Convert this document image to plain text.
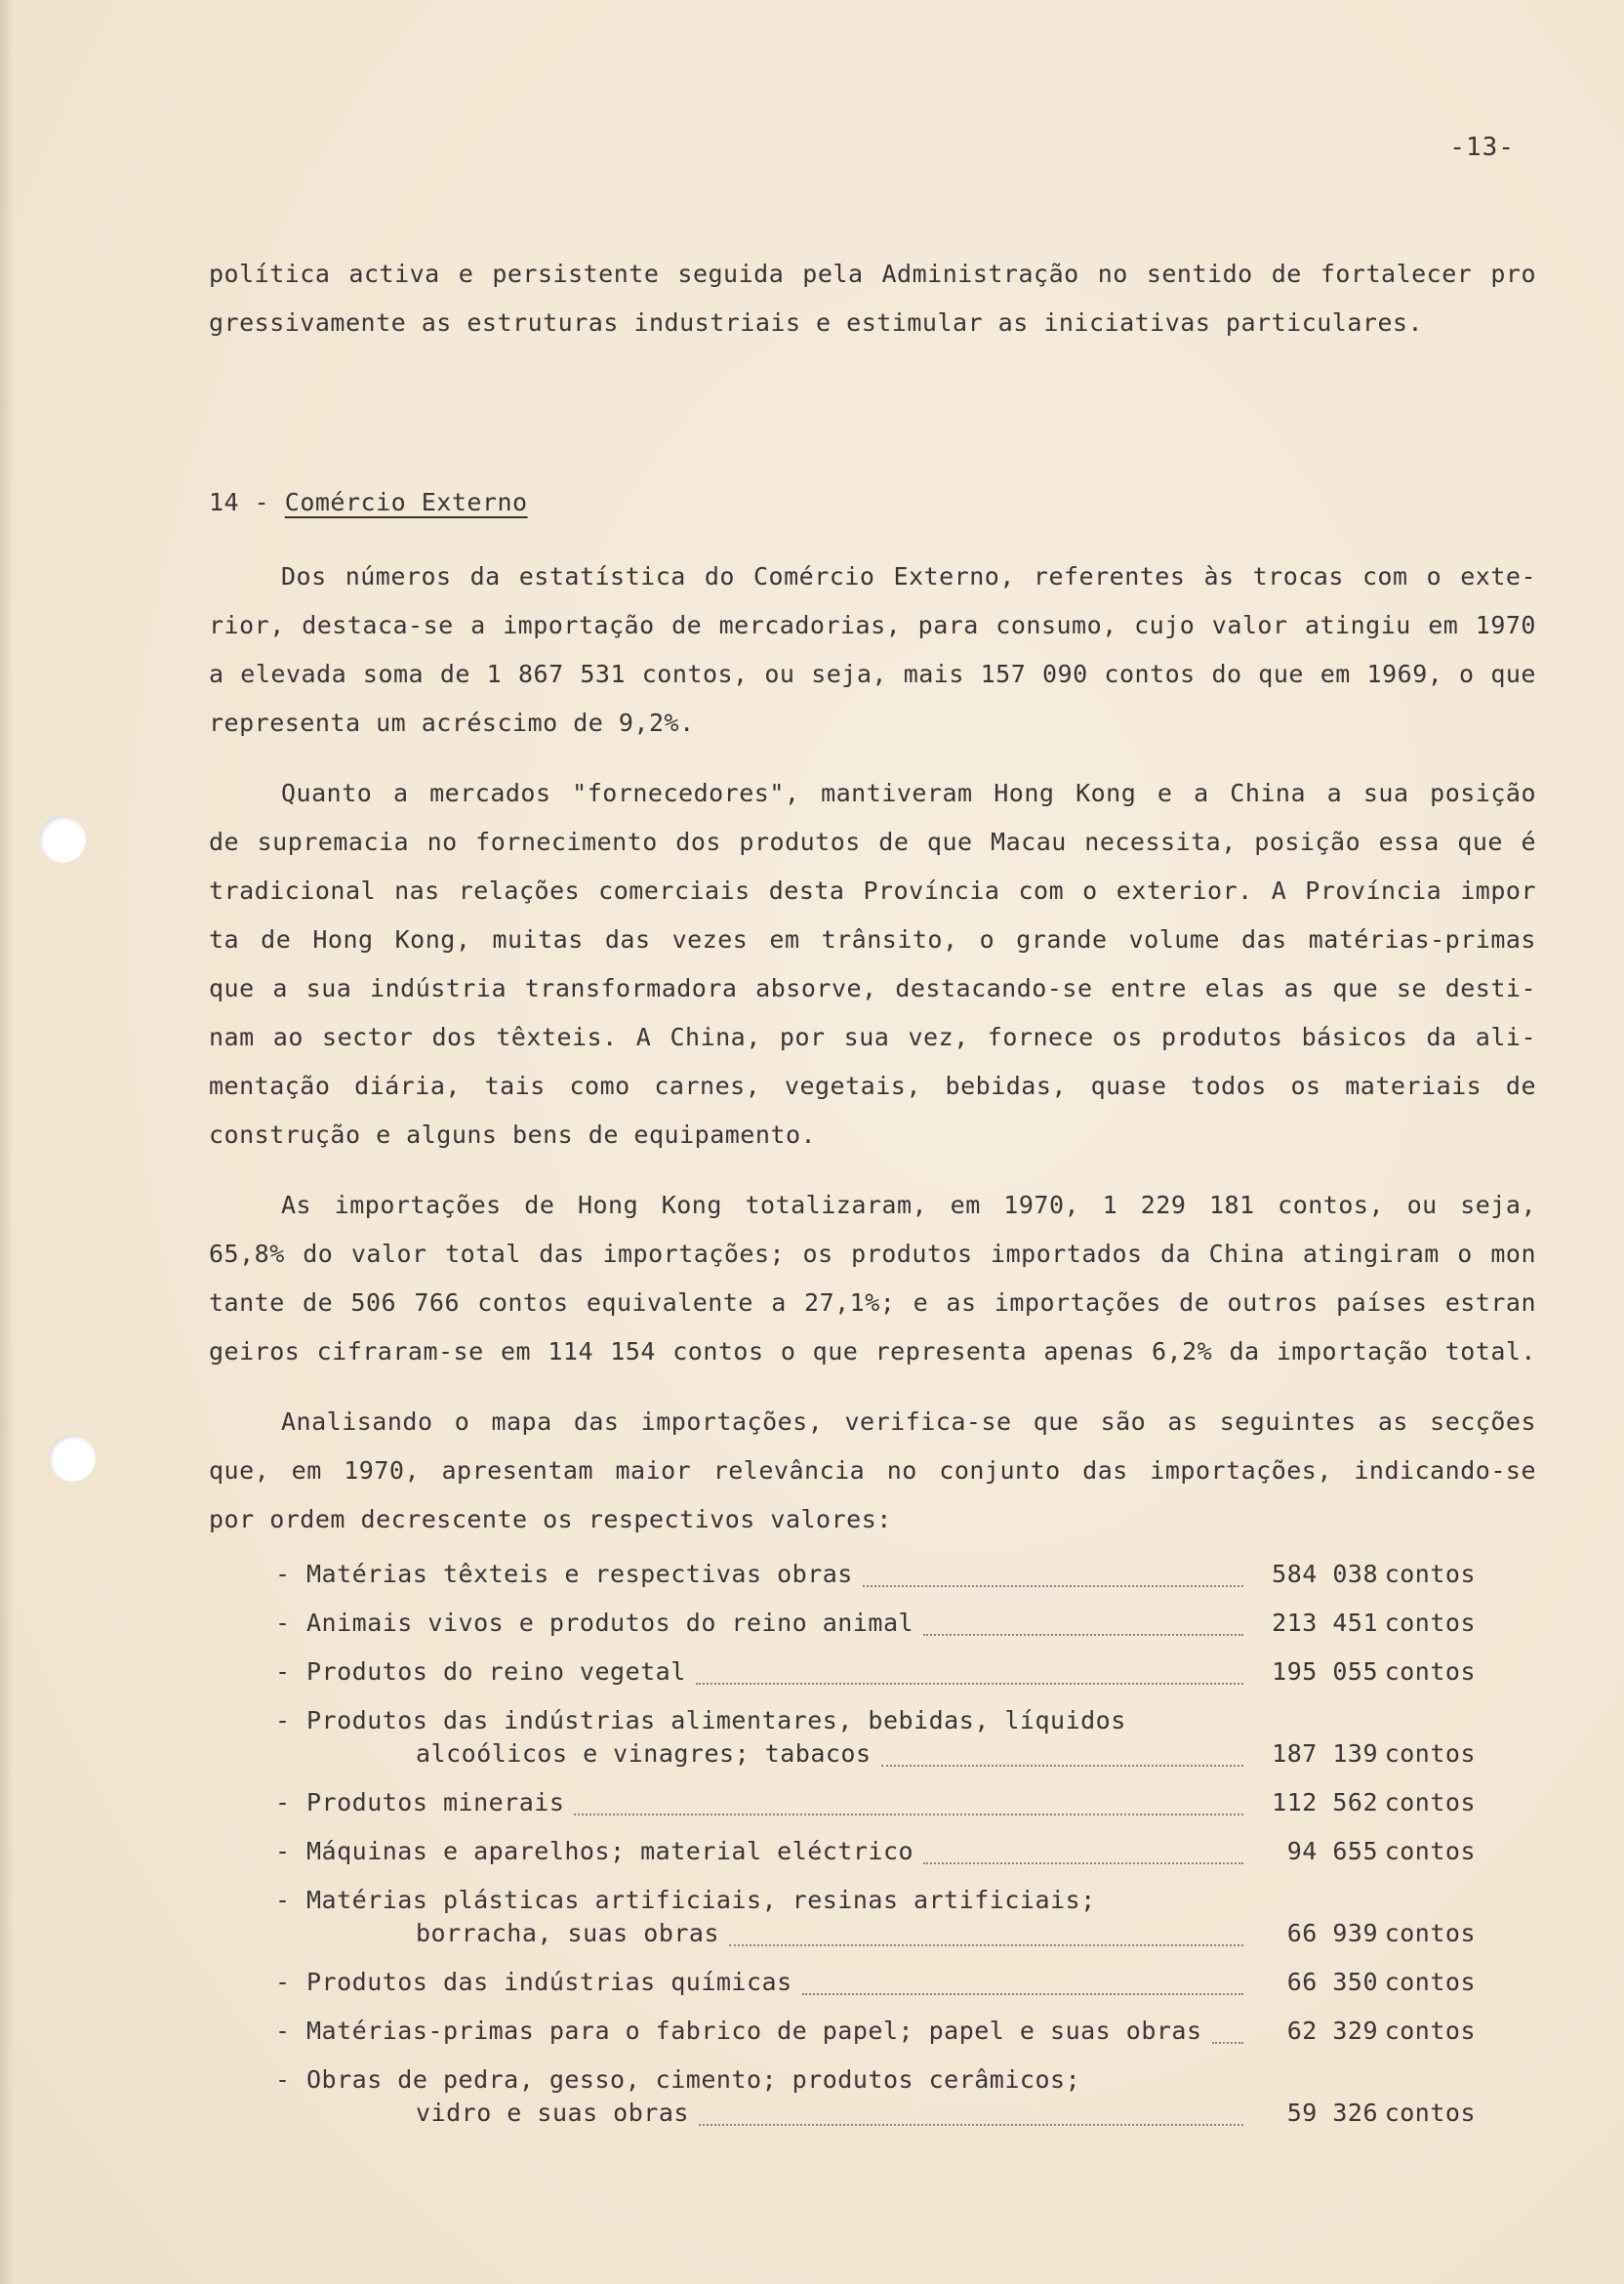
-13-
política activa e persistente seguida pela Administração no sentido de fortalecer pro
gressivamente as estruturas industriais e estimular as iniciativas particulares.
14 - Comércio Externo
Dos números da estatística do Comércio Externo, referentes às trocas com o exte-
rior, destaca-se a importação de mercadorias, para consumo, cujo valor atingiu em 1970
a elevada soma de 1 867 531 contos, ou seja, mais 157 090 contos do que em 1969, o que
representa um acréscimo de 9,2%.
Quanto a mercados "fornecedores", mantiveram Hong Kong e a China a sua posição
de supremacia no fornecimento dos produtos de que Macau necessita, posição essa que é
tradicional nas relações comerciais desta Província com o exterior. A Província impor
ta de Hong Kong, muitas das vezes em trânsito, o grande volume das matérias-primas
que a sua indústria transformadora absorve, destacando-se entre elas as que se desti-
nam ao sector dos têxteis. A China, por sua vez, fornece os produtos básicos da ali-
mentação diária, tais como carnes, vegetais, bebidas, quase todos os materiais de
construção e alguns bens de equipamento.
As importações de Hong Kong totalizaram, em 1970, 1 229 181 contos, ou seja,
65,8% do valor total das importações; os produtos importados da China atingiram o mon
tante de 506 766 contos equivalente a 27,1%; e as importações de outros países estran
geiros cifraram-se em 114 154 contos o que representa apenas 6,2% da importação total.
Analisando o mapa das importações, verifica-se que são as seguintes as secções
que, em 1970, apresentam maior relevância no conjunto das importações, indicando-se
por ordem decrescente os respectivos valores:
- Matérias têxteis e respectivas obras	584 038 contos
- Animais vivos e produtos do reino animal	213 451 contos
- Produtos do reino vegetal	195 055 contos
- Produtos das indústrias alimentares, bebidas, líquidos
alcoólicos e vinagres; tabacos	187 139 contos
- Produtos minerais	112 562 contos
- Máquinas e aparelhos; material eléctrico	94 655 contos
- Matérias plásticas artificiais, resinas artificiais;
borracha, suas obras	66 939 contos
- Produtos das indústrias químicas	66 350 contos
- Matérias-primas para o fabrico de papel; papel e suas obras	62 329 contos
- Obras de pedra, gesso, cimento; produtos cerâmicos;
vidro e suas obras	59 326 contos
